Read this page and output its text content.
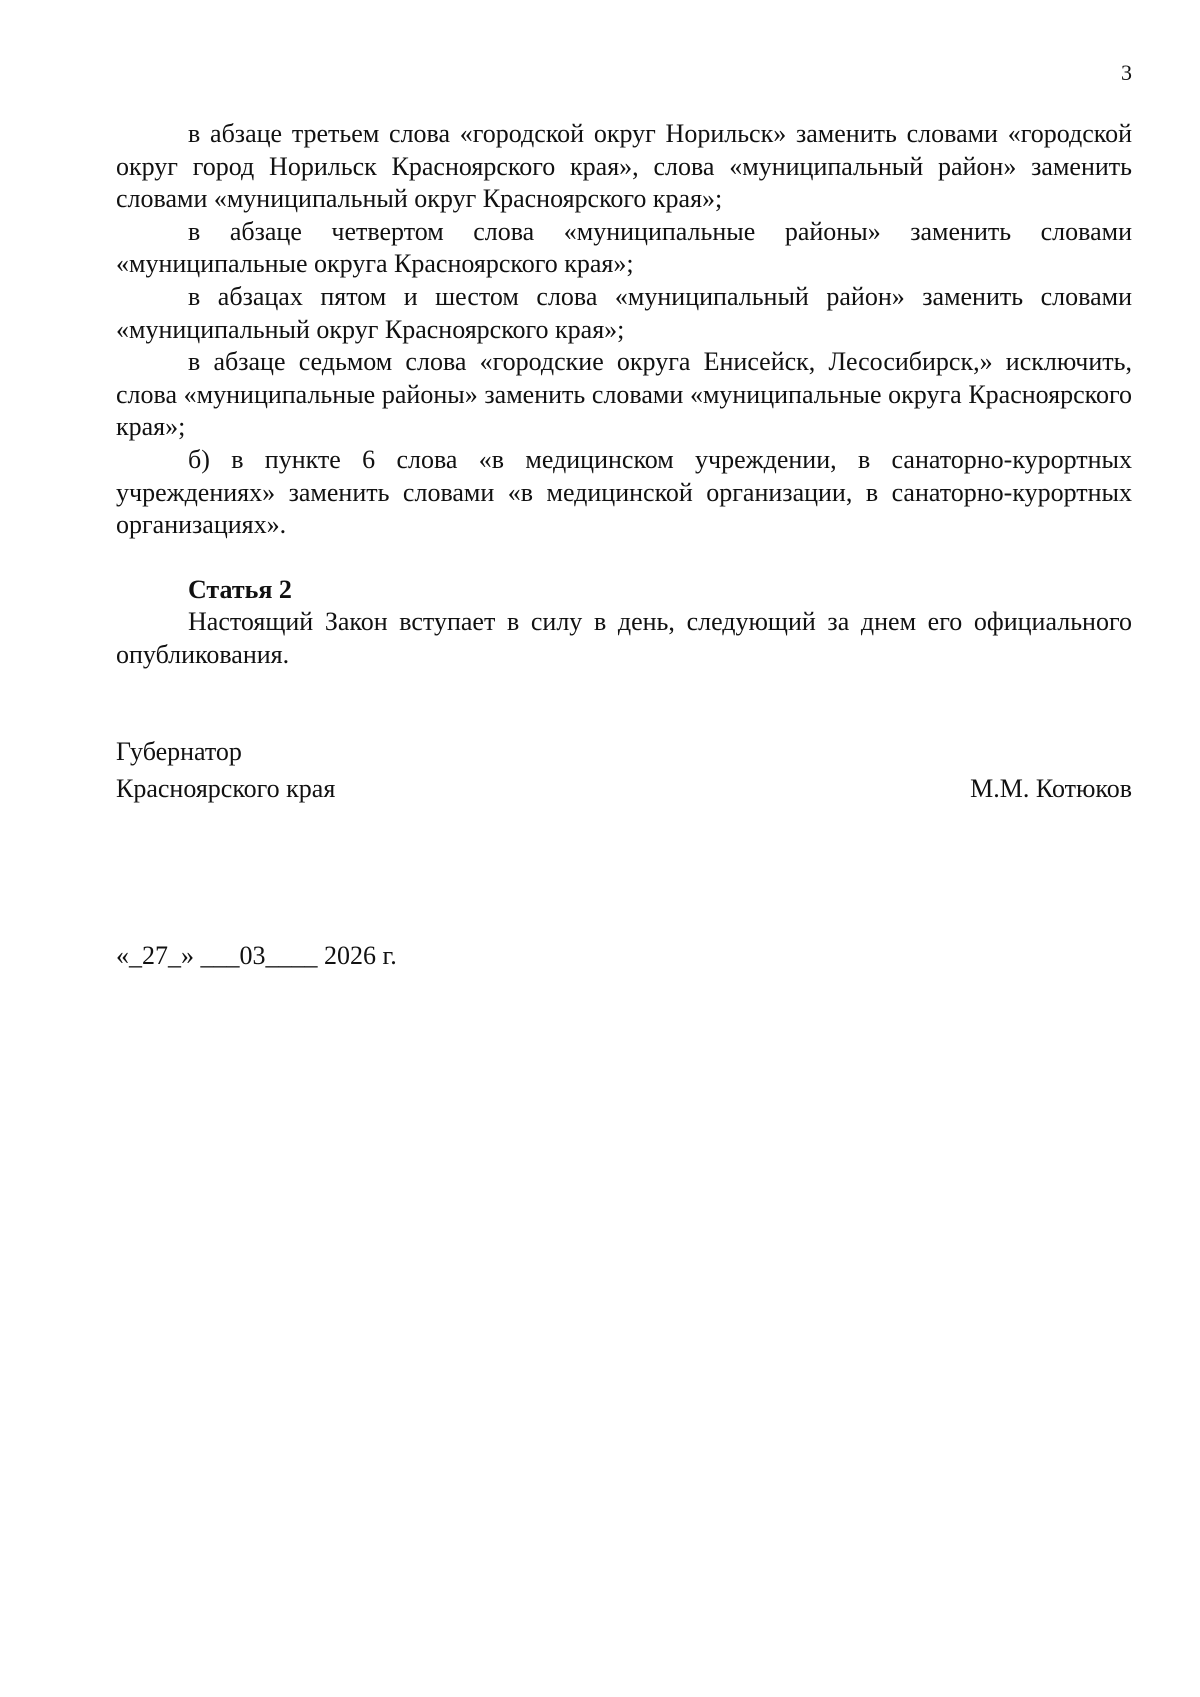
3

в абзаце третьем слова «городской округ Норильск» заменить словами «городской округ город Норильск Красноярского края», слова «муниципальный район» заменить словами «муниципальный округ Красноярского края»;

в абзаце четвертом слова «муниципальные районы» заменить словами «муниципальные округа Красноярского края»;

в абзацах пятом и шестом слова «муниципальный район» заменить словами «муниципальный округ Красноярского края»;

в абзаце седьмом слова «городские округа Енисейск, Лесосибирск,» исключить, слова «муниципальные районы» заменить словами «муниципальные округа Красноярского края»;

б) в пункте 6 слова «в медицинском учреждении, в санаторно-курортных учреждениях» заменить словами «в медицинской организации, в санаторно-курортных организациях».

Статья 2

Настоящий Закон вступает в силу в день, следующий за днем его официального опубликования.

Губернатор
Красноярского края	М.М. Котюков
«_27_» ___03____ 2026 г.
